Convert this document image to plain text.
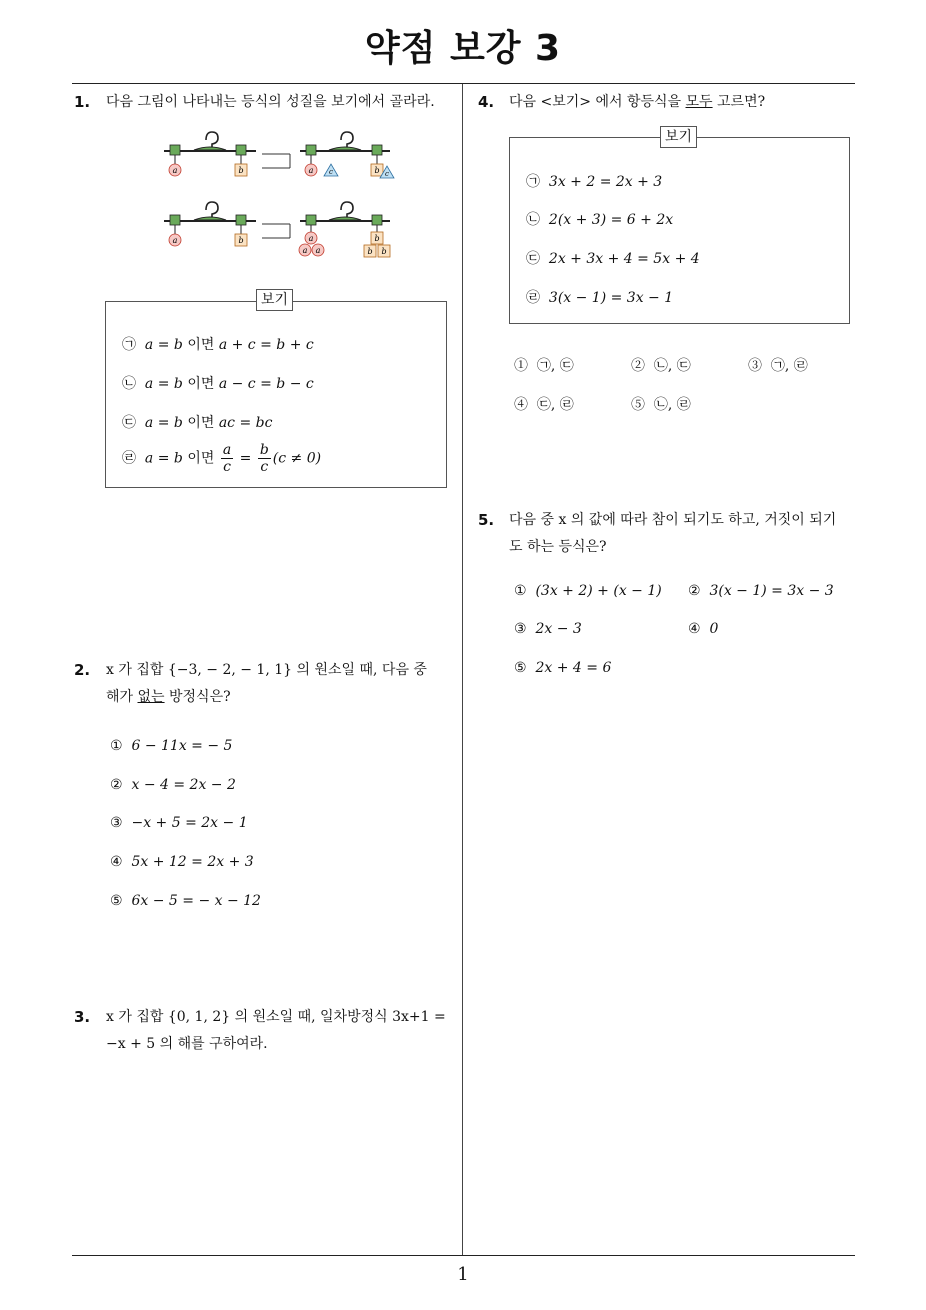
약점 보강 3
1
1. 다음 그림이 나타내는 등식의 성질을 보기에서 골라라.
a	b	a c	b c
a	b	a
a a
b
b b
보기
㉠ a = b 이면 a + c = b + c
㉡ a = b 이면 a − c = b − c
㉢ a = b 이면 ac = bc
㉣ a = b 이면 $\frac{a}{c} = \frac{b}{c} (c \ne 0)$
2. x 가 집합 {−3, − 2, − 1, 1} 의 원소일 때, 다음 중
해가 없는 방정식은?
① 6 − 11x = − 5
② x − 4 = 2x − 2
③ −x + 5 = 2x − 1
④ 5x + 12 = 2x + 3
⑤ 6x − 5 = − x − 12
3. x 가 집합 {0, 1, 2} 의 원소일 때, 일차방정식 3x+1 =
−x + 5 의 해를 구하여라.
4. 다음 <보기> 에서 항등식을 모두 고르면?
보기
㉠ 3x + 2 = 2x + 3
㉡ 2(x + 3) = 6 + 2x
㉢ 2x + 3x + 4 = 5x + 4
㉣ 3(x − 1) = 3x − 1
① ㉠, ㉢	② ㉡, ㉢	③ ㉠, ㉣
④ ㉢, ㉣	⑤ ㉡, ㉣
5. 다음 중 x 의 값에 따라 참이 되기도 하고, 거짓이 되기
도 하는 등식은?
① (3x + 2) + (x − 1) ② 3(x − 1) = 3x − 3
③ 2x − 3	④ 0
⑤ 2x + 4 = 6
